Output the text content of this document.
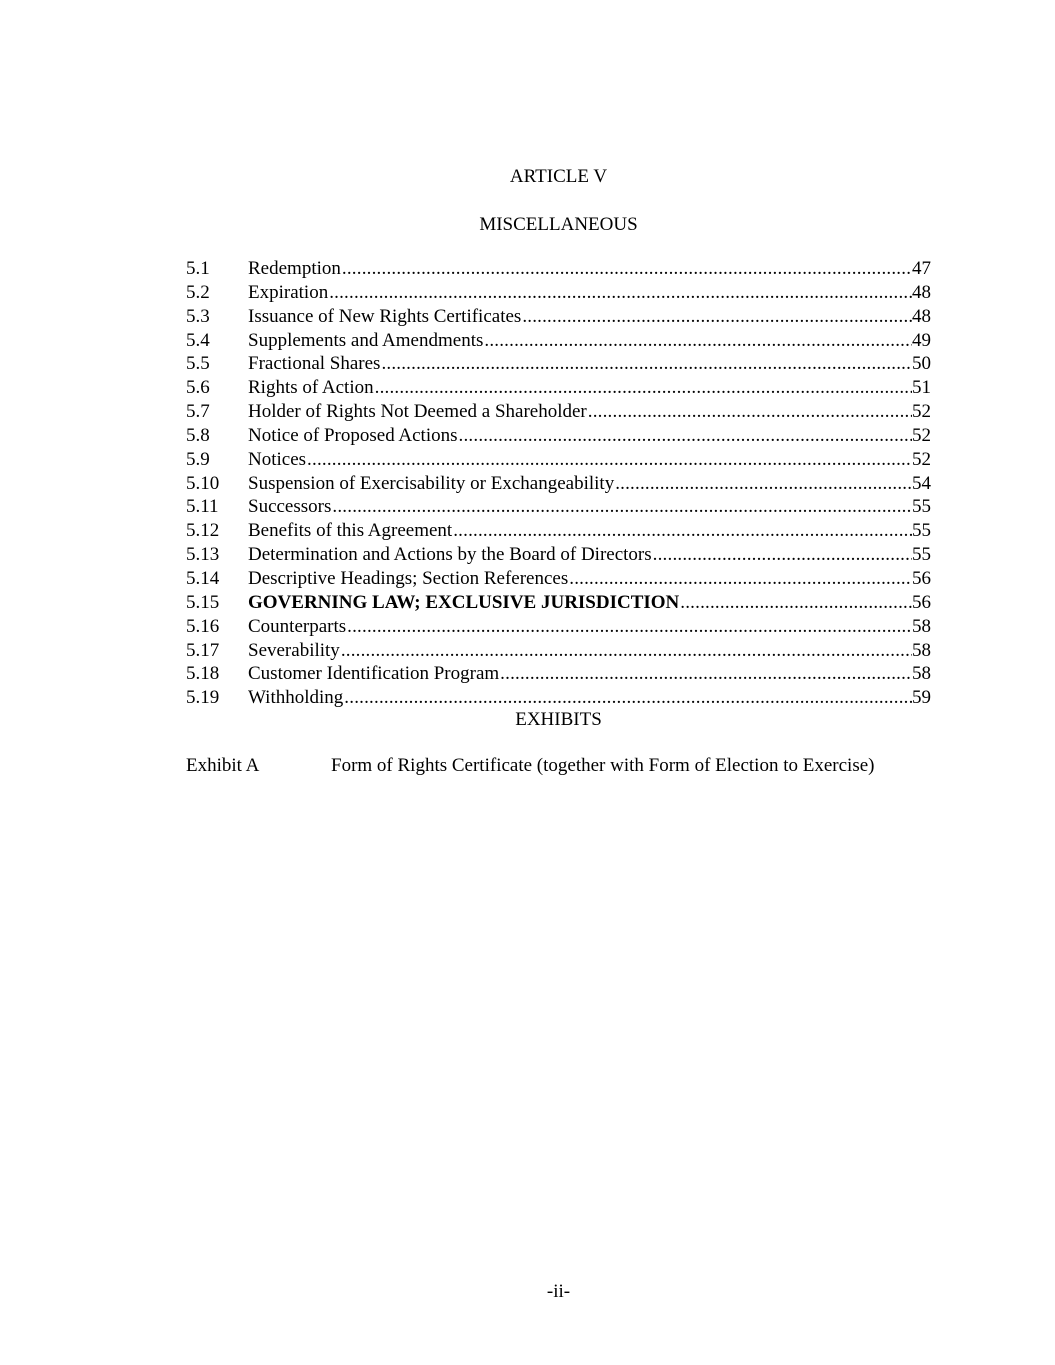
ARTICLE V
MISCELLANEOUS
5.1	Redemption .....	47
5.2	Expiration .....	48
5.3	Issuance of New Rights Certificates .....	48
5.4	Supplements and Amendments .....	49
5.5	Fractional Shares .....	50
5.6	Rights of Action .....	51
5.7	Holder of Rights Not Deemed a Shareholder .....	52
5.8	Notice of Proposed Actions .....	52
5.9	Notices .....	52
5.10	Suspension of Exercisability or Exchangeability .....	54
5.11	Successors .....	55
5.12	Benefits of this Agreement .....	55
5.13	Determination and Actions by the Board of Directors .....	55
5.14	Descriptive Headings; Section References .....	56
5.15	GOVERNING LAW; EXCLUSIVE JURISDICTION .....	56
5.16	Counterparts .....	58
5.17	Severability .....	58
5.18	Customer Identification Program .....	58
5.19	Withholding .....	59
EXHIBITS
Exhibit A	Form of Rights Certificate (together with Form of Election to Exercise)
-ii-
